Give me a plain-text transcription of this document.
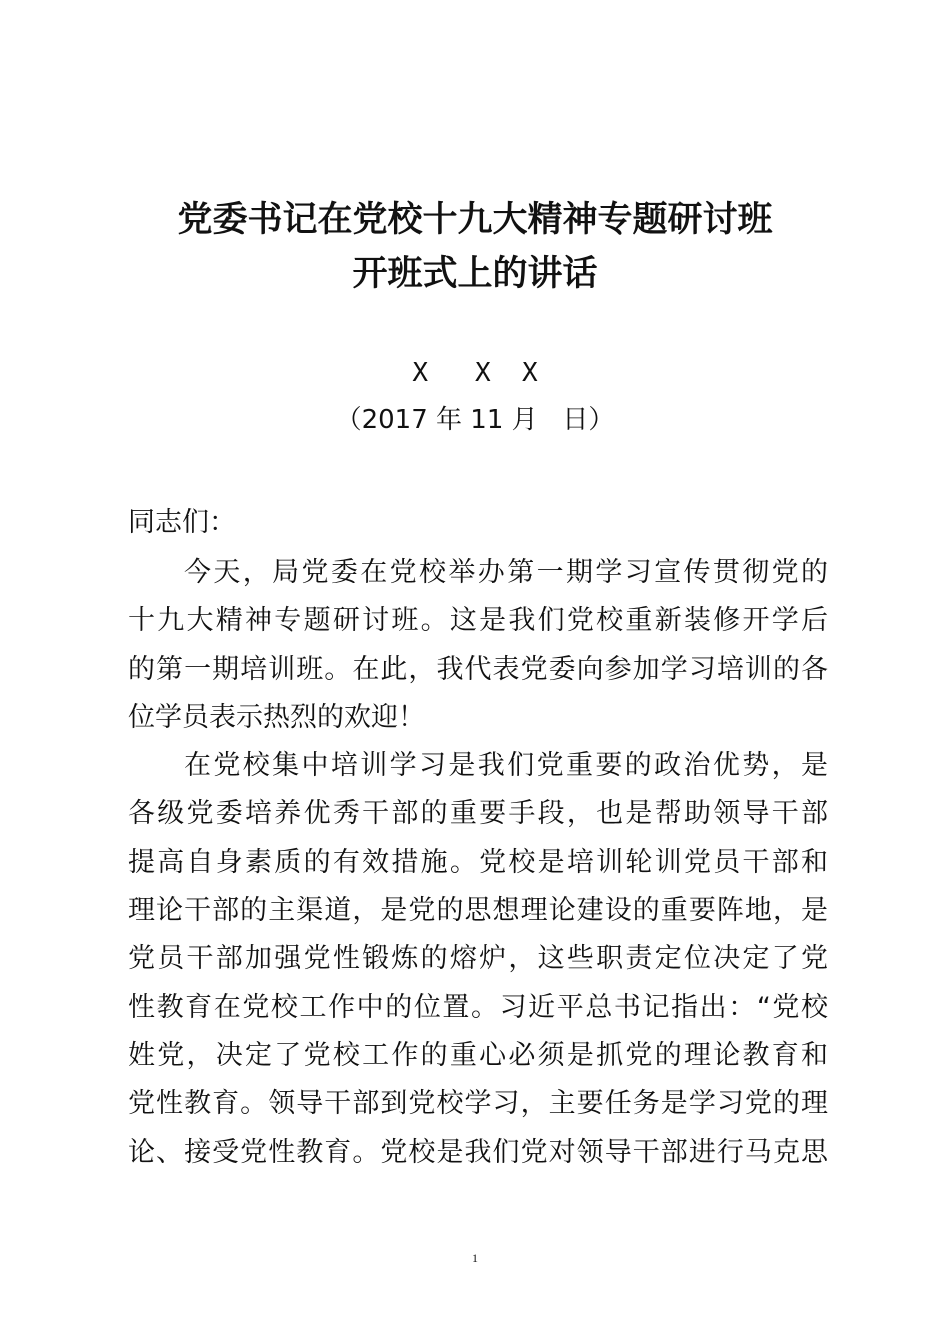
党委书记在党校十九大精神专题研讨班
开班式上的讲话
X   X  X
（2017 年 11 月   日）
同志们：
今天，局党委在党校举办第一期学习宣传贯彻党的
十九大精神专题研讨班。这是我们党校重新装修开学后
的第一期培训班。在此，我代表党委向参加学习培训的各
位学员表示热烈的欢迎！
在党校集中培训学习是我们党重要的政治优势，是
各级党委培养优秀干部的重要手段，也是帮助领导干部
提高自身素质的有效措施。党校是培训轮训党员干部和
理论干部的主渠道，是党的思想理论建设的重要阵地，是
党员干部加强党性锻炼的熔炉，这些职责定位决定了党
性教育在党校工作中的位置。习近平总书记指出：“党校
姓党，决定了党校工作的重心必须是抓党的理论教育和
党性教育。领导干部到党校学习，主要任务是学习党的理
论、接受党性教育。党校是我们党对领导干部进行马克思
1
